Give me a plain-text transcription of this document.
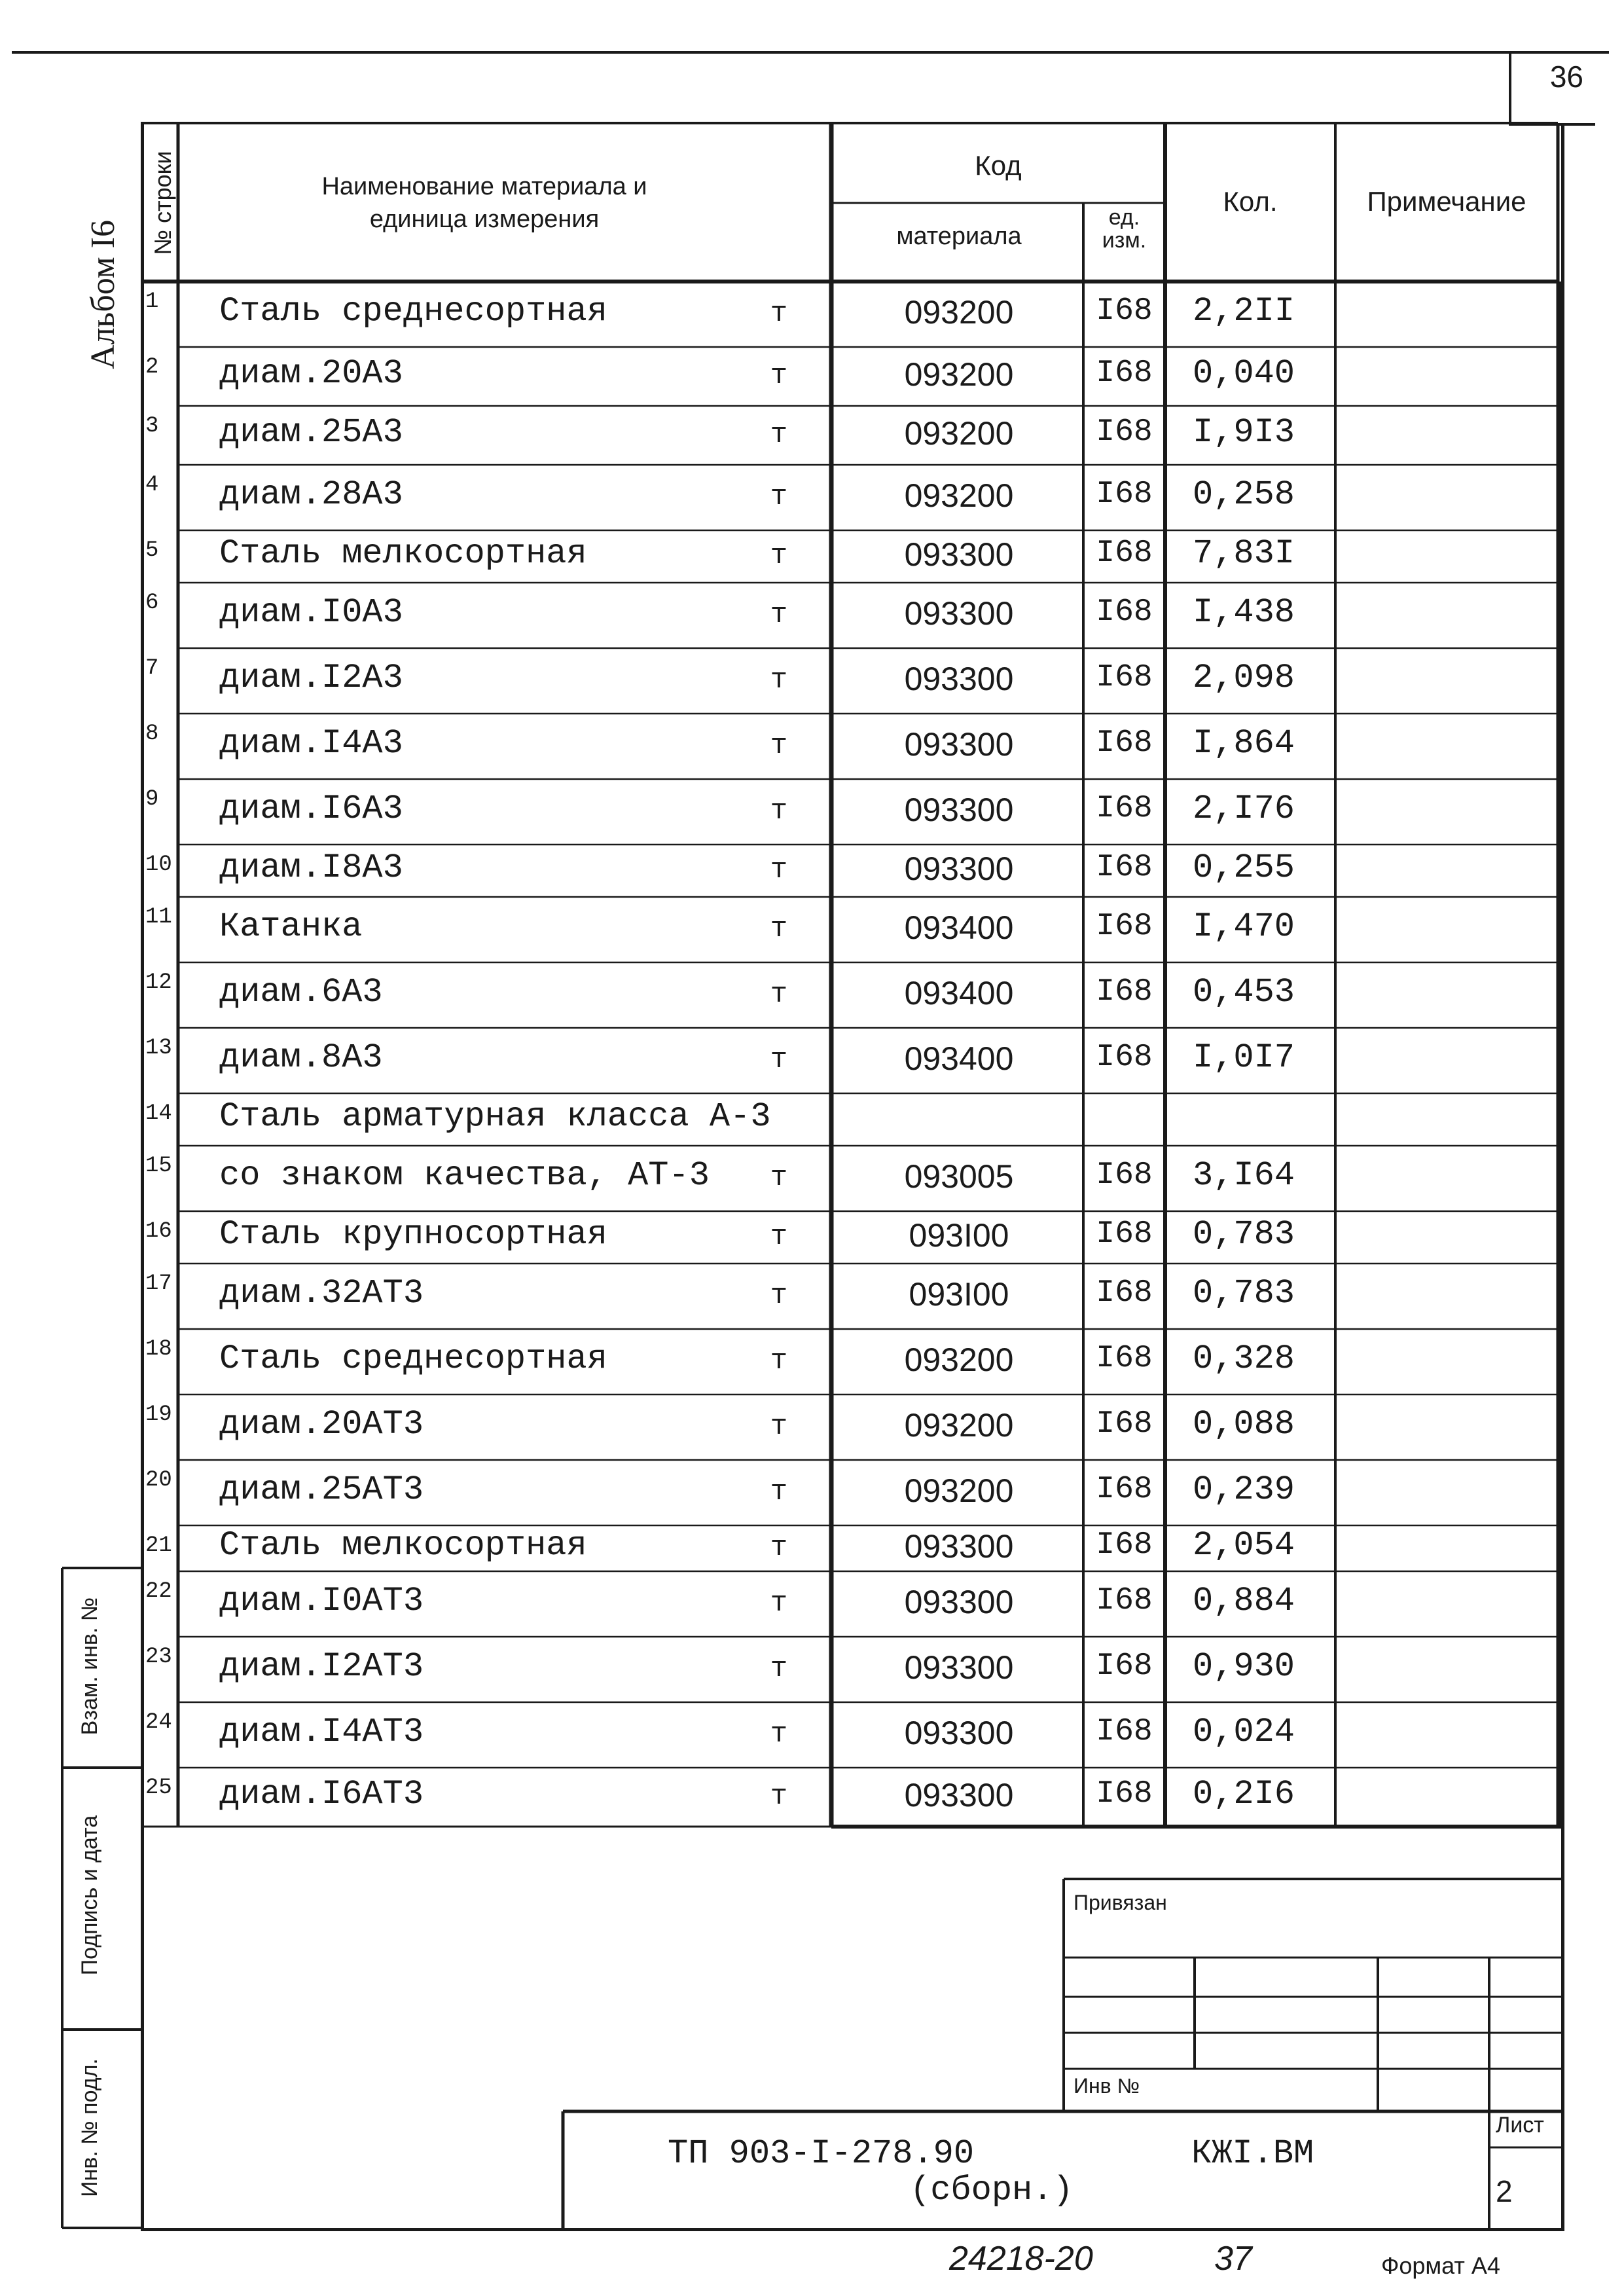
36
Альбом I6
№ строки	Наименование материала и
единица измерения
Код
материала
ед.
изм.
Кол.	Примечание
1	Сталь среднесортная	т	093200	I68	2,2II
2	диам.20А3	т	093200	I68	0,040
3	диам.25А3	т	093200	I68	I,9I3
4	диам.28А3	т	093200	I68	0,258
5	Сталь мелкосортная	т	093300	I68	7,83I
6	диам.I0А3	т	093300	I68	I,438
7	диам.I2А3	т	093300	I68	2,098
8	диам.I4А3	т	093300	I68	I,864
9	диам.I6А3	т	093300	I68	2,I76
10 диам.I8А3	т	093300	I68	0,255
11 Катанка	т	093400	I68	I,470
12 диам.6А3	т	093400	I68	0,453
13 диам.8А3	т	093400	I68	I,0I7
14 Сталь арматурная класса А-3
15 со знаком качества, АТ-3 т	093005	I68	3,I64
16 Сталь крупносортная	т	093I00	I68	0,783
17 диам.32АТ3	т	093I00	I68	0,783
18 Сталь среднесортная	т	093200	I68	0,328
19 диам.20АТ3	т	093200	I68	0,088
20 диам.25АТ3	т	093200	I68	0,239
21 Сталь мелкосортная	т	093300	I68	2,054
22 диам.I0АТ3	т	093300	I68	0,884
23 диам.I2АТ3	т	093300	I68	0,930
24 диам.I4АТ3	т	093300	I68	0,024
25 диам.I6АТ3	т	093300	I68	0,2I6
Взам. инв. №
Подпись и дата
Инв. № подл.
Привязан
Инв №
ТП 903-I-278.90
(сборн.)
КЖI.ВМ
Лист
2
24218-20	37	Формат А4
